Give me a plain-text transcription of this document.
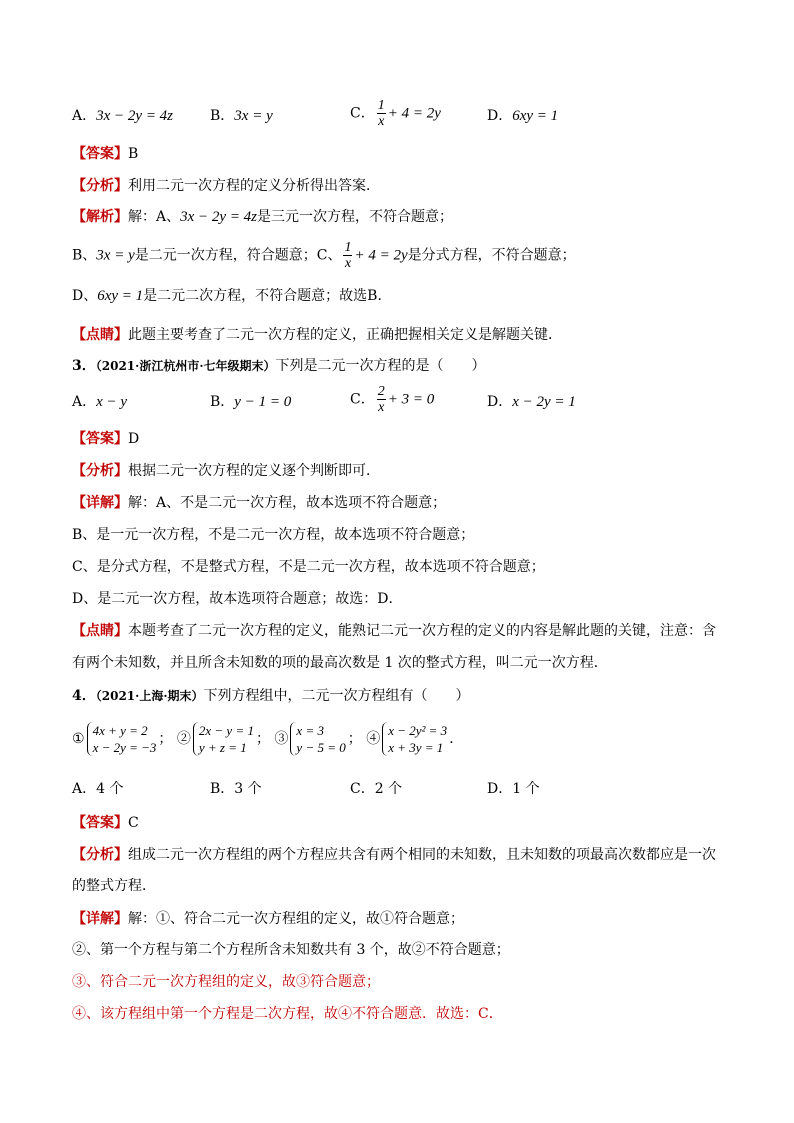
A．3x − 2y = 4z	B．3x = y	C． $\frac{1}{x} + 4 = 2y$	D．6xy = 1
【答案】B
【分析】利用二元一次方程的定义分析得出答案．
【解析】解：A、3x − 2y = 4z是三元一次方程，不符合题意；
B、3x = y是二元一次方程，符合题意；C、 $\frac{1}{x} + 4 = 2y$是分式方程，不符合题意；
D、6xy = 1是二元二次方程，不符合题意；故选B．
【点睛】此题主要考查了二元一次方程的定义，正确把握相关定义是解题关键．
3．（2021·浙江杭州市·七年级期末）下列是二元一次方程的是（　　）
A．x − y	B．y − 1 = 0	C． $\frac{2}{x} + 3 = 0$	D．x − 2y = 1
【答案】D
【分析】根据二元一次方程的定义逐个判断即可．
【详解】解：A、不是二元一次方程，故本选项不符合题意；
B、是一元一次方程，不是二元一次方程，故本选项不符合题意；
C、是分式方程，不是整式方程，不是二元一次方程，故本选项不符合题意；
D、是二元一次方程，故本选项符合题意；故选：D．
【点睛】本题考查了二元一次方程的定义，能熟记二元一次方程的定义的内容是解此题的关键，注意：含
有两个未知数，并且所含未知数的项的最高次数是 1 次的整式方程，叫二元一次方程．
4．（2021·上海·期末）下列方程组中，二元一次方程组有（　　）
①
4x + y = 2
x − 2y = −3
； ②
2x − y = 1
y + z = 1
； ③
x = 3
y − 5 = 0
； ④
x − 2y² = 3
x + 3y = 1
．
A．4 个	B．3 个	C．2 个	D．1 个
【答案】C
【分析】组成二元一次方程组的两个方程应共含有两个相同的未知数，且未知数的项最高次数都应是一次
的整式方程．
【详解】解：①、符合二元一次方程组的定义，故①符合题意；
②、第一个方程与第二个方程所含未知数共有 3 个，故②不符合题意；
③、符合二元一次方程组的定义，故③符合题意；
④、该方程组中第一个方程是二次方程，故④不符合题意．故选：C．
